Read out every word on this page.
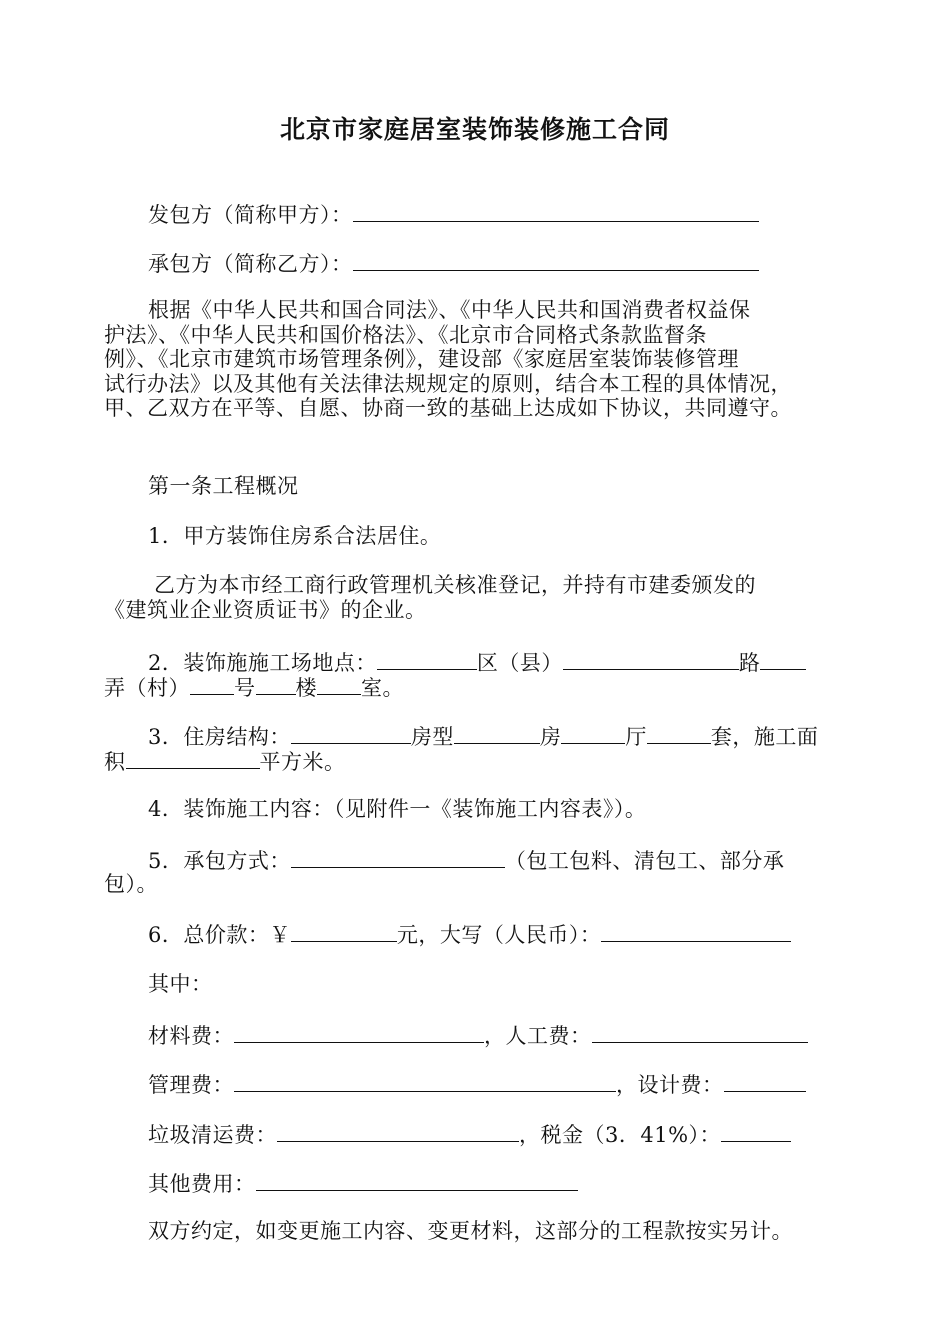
北京市家庭居室装饰装修施工合同
发包方（简称甲方）：
承包方（简称乙方）：
根据《中华人民共和国合同法》、《中华人民共和国消费者权益保
护法》、《中华人民共和国价格法》、《北京市合同格式条款监督条
例》、《北京市建筑市场管理条例》，建设部《家庭居室装饰装修管理
试行办法》以及其他有关法律法规规定的原则，结合本工程的具体情况，
甲、乙双方在平等、自愿、协商一致的基础上达成如下协议，共同遵守。
第一条工程概况
1．甲方装饰住房系合法居住。
乙方为本市经工商行政管理机关核准登记，并持有市建委颁发的
《建筑业企业资质证书》的企业。
2．装饰施施工场地点：	区（县）	路
弄（村） 号 楼 室。
3．住房结构：	房型	房	厅	套，施工面
积	平方米。
4．装饰施工内容：（见附件一《装饰施工内容表》）。
5．承包方式：	（包工包料、清包工、部分承
包）。
6．总价款：￥	元，大写（人民币）：
其中：
材料费：	，人工费：
管理费：	，设计费：
垃圾清运费：	，税金（3．41%）：
其他费用：
双方约定，如变更施工内容、变更材料，这部分的工程款按实另计。
